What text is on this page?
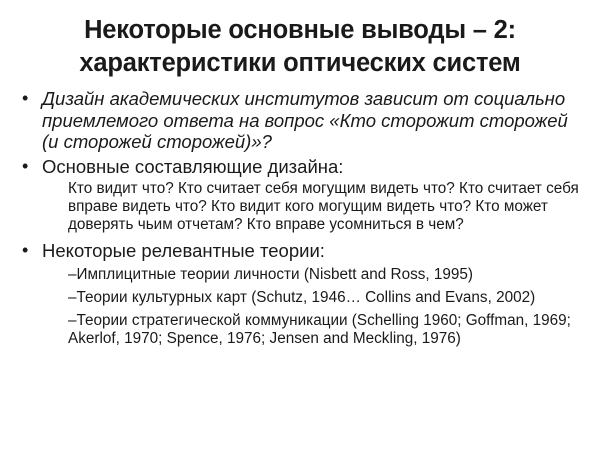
Некоторые основные выводы – 2:
характеристики оптических систем
• Дизайн академических институтов зависит от социально приемлемого ответа на вопрос «Кто сторожит сторожей (и сторожей сторожей)»?
• Основные составляющие дизайна:
Кто видит что? Кто считает себя могущим видеть что? Кто считает себя вправе видеть что? Кто видит кого могущим видеть что? Кто может доверять чьим отчетам? Кто вправе усомниться в чем?
• Некоторые релевантные теории:
–Имплицитные теории личности (Nisbett and Ross, 1995)
–Теории культурных карт (Schutz, 1946… Collins and Evans, 2002)
–Теории стратегической коммуникации (Schelling 1960; Goffman, 1969; Akerlof, 1970; Spence, 1976; Jensen and Meckling, 1976)
